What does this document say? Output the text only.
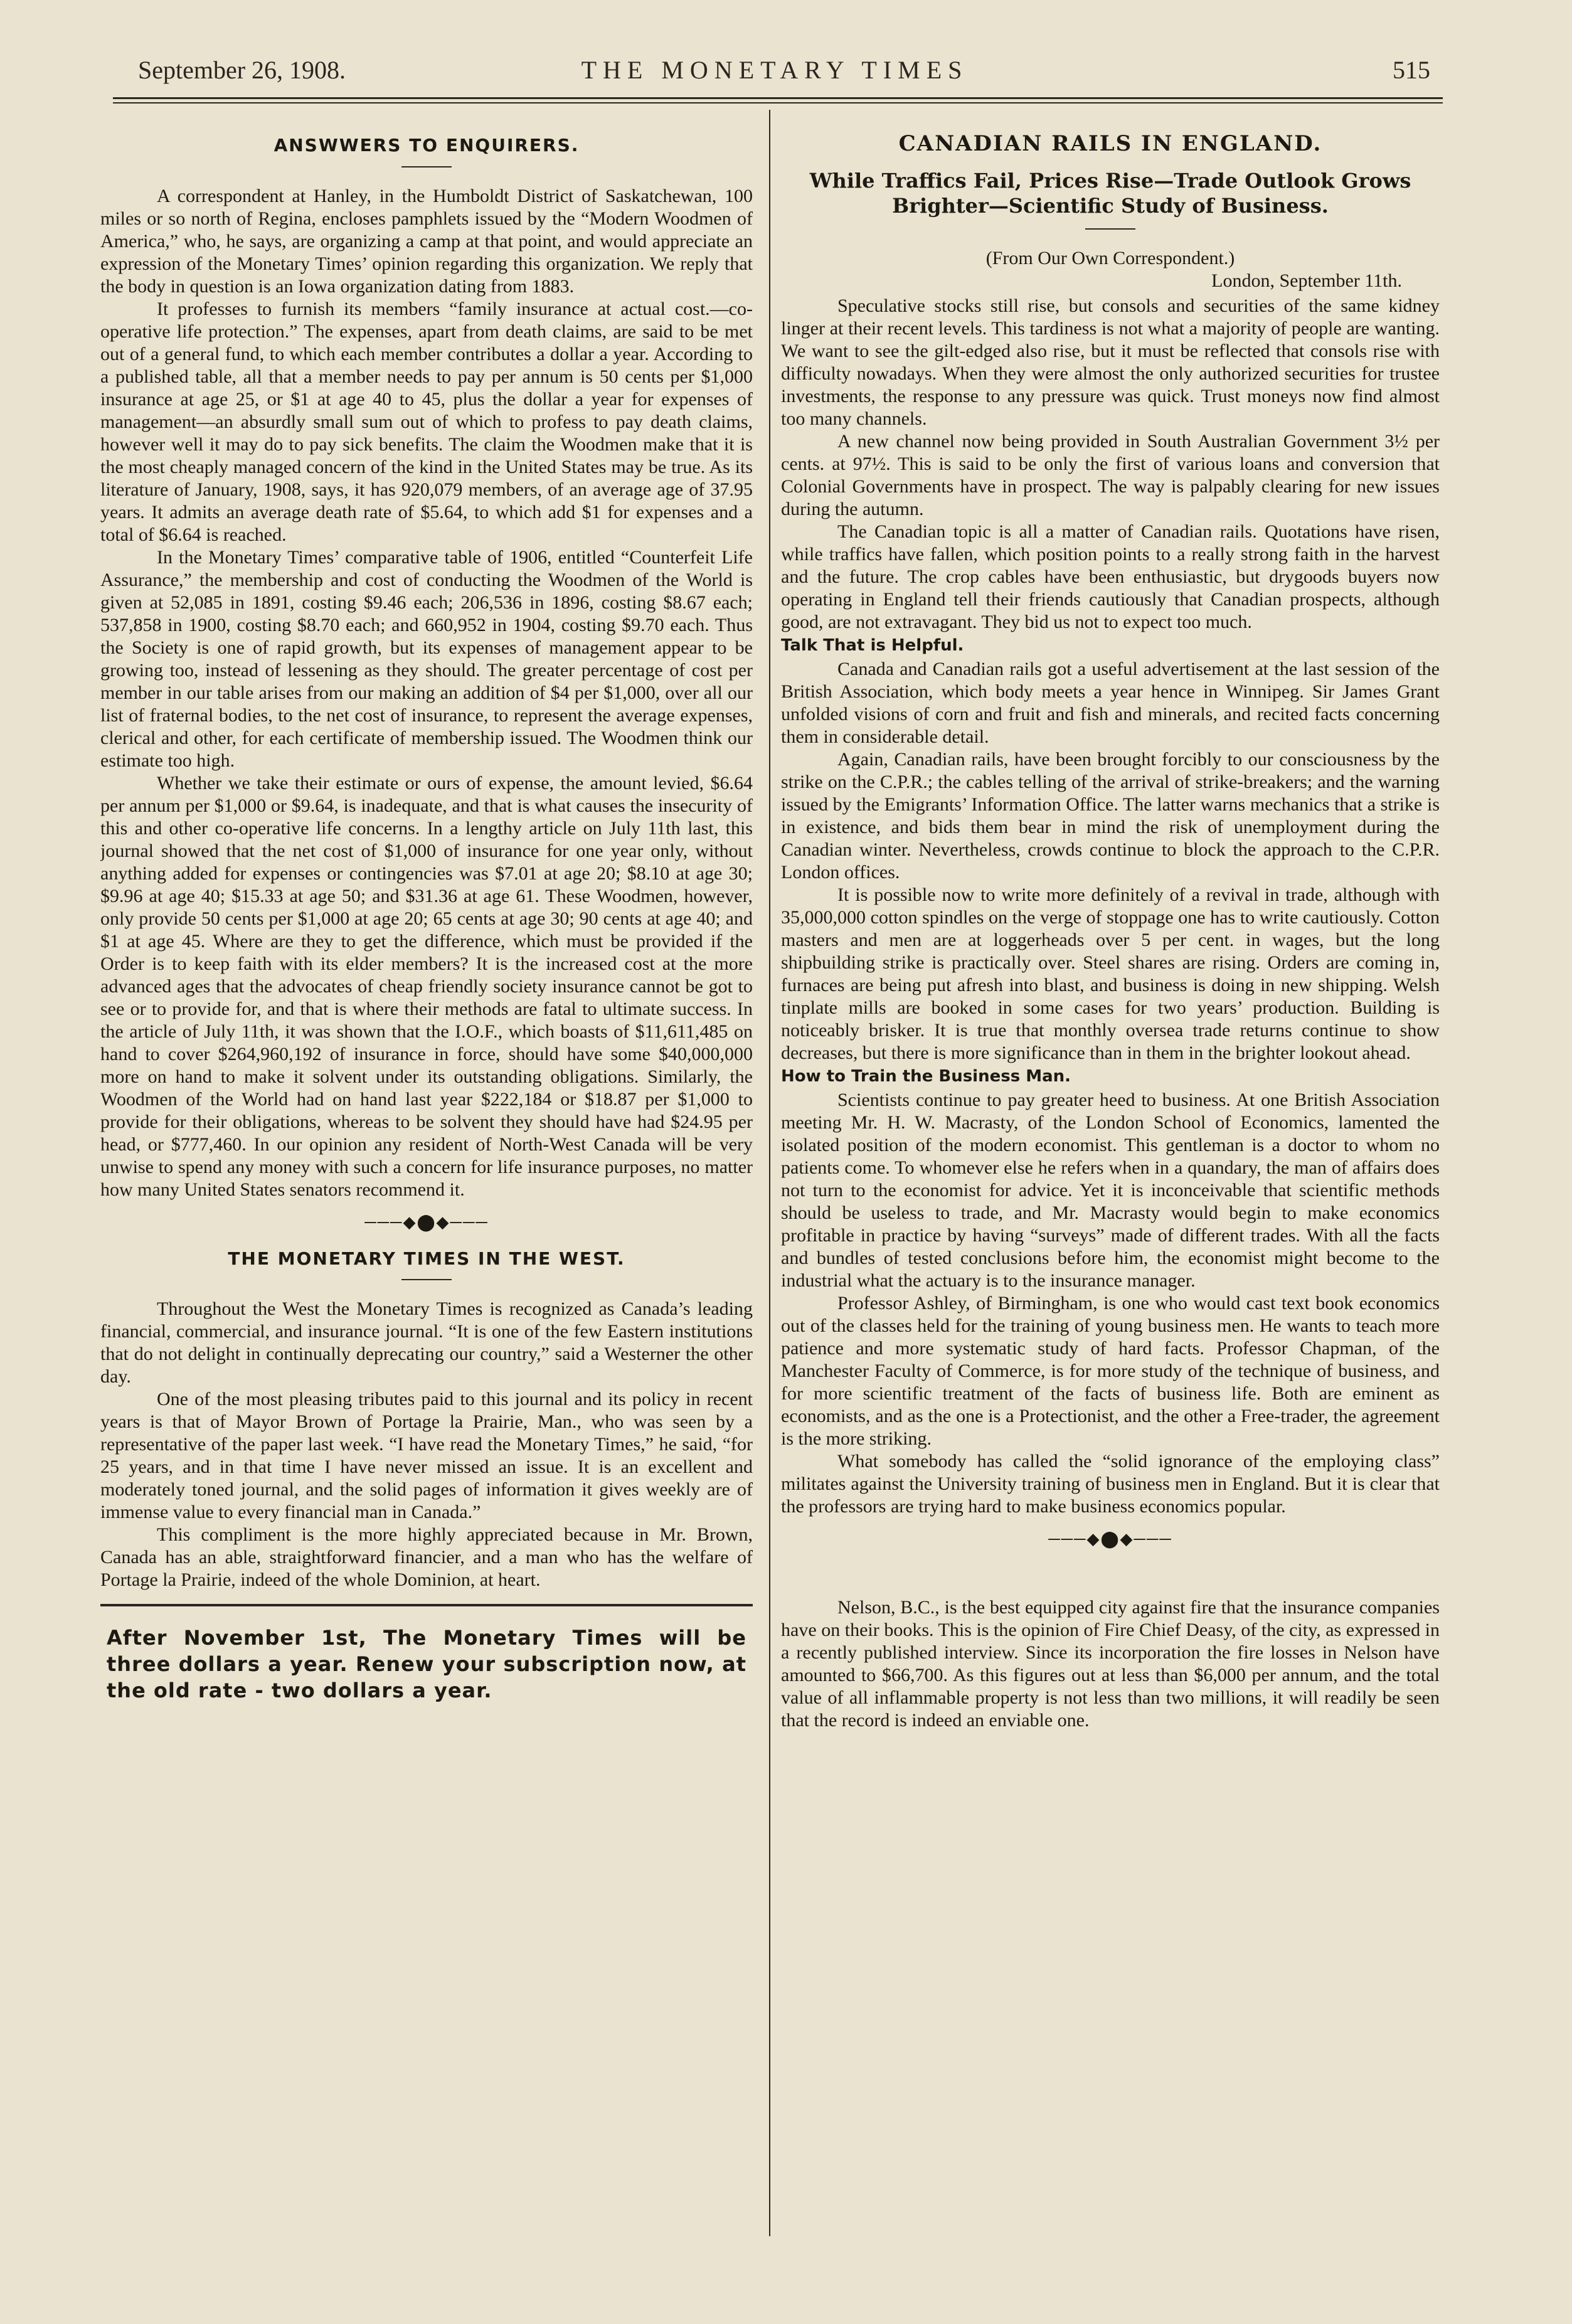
September 26, 1908.	THE MONETARY TIMES	515
ANSWWERS TO ENQUIRERS.

A correspondent at Hanley, in the Humboldt District of Saskatchewan, 100 miles or so north of Regina, encloses pamphlets issued by the “Modern Woodmen of America,” who, he says, are organizing a camp at that point, and would appreciate an expression of the Monetary Times’ opinion regarding this organization. We reply that the body in question is an Iowa organization dating from 1883.

It professes to furnish its members “family insurance at actual cost.—co-operative life protection.” The expenses, apart from death claims, are said to be met out of a general fund, to which each member contributes a dollar a year. According to a published table, all that a member needs to pay per annum is 50 cents per $1,000 insurance at age 25, or $1 at age 40 to 45, plus the dollar a year for expenses of management—an absurdly small sum out of which to profess to pay death claims, however well it may do to pay sick benefits. The claim the Woodmen make that it is the most cheaply managed concern of the kind in the United States may be true. As its literature of January, 1908, says, it has 920,079 members, of an average age of 37.95 years. It admits an average death rate of $5.64, to which add $1 for expenses and a total of $6.64 is reached.

In the Monetary Times’ comparative table of 1906, entitled “Counterfeit Life Assurance,” the membership and cost of conducting the Woodmen of the World is given at 52,085 in 1891, costing $9.46 each; 206,536 in 1896, costing $8.67 each; 537,858 in 1900, costing $8.70 each; and 660,952 in 1904, costing $9.70 each. Thus the Society is one of rapid growth, but its expenses of management appear to be growing too, instead of lessening as they should. The greater percentage of cost per member in our table arises from our making an addition of $4 per $1,000, over all our list of fraternal bodies, to the net cost of insurance, to represent the average expenses, clerical and other, for each certificate of membership issued. The Woodmen think our estimate too high.

Whether we take their estimate or ours of expense, the amount levied, $6.64 per annum per $1,000 or $9.64, is inadequate, and that is what causes the insecurity of this and other co-operative life concerns. In a lengthy article on July 11th last, this journal showed that the net cost of $1,000 of insurance for one year only, without anything added for expenses or contingencies was $7.01 at age 20; $8.10 at age 30; $9.96 at age 40; $15.33 at age 50; and $31.36 at age 61. These Woodmen, however, only provide 50 cents per $1,000 at age 20; 65 cents at age 30; 90 cents at age 40; and $1 at age 45. Where are they to get the difference, which must be provided if the Order is to keep faith with its elder members? It is the increased cost at the more advanced ages that the advocates of cheap friendly society insurance cannot be got to see or to provide for, and that is where their methods are fatal to ultimate success. In the article of July 11th, it was shown that the I.O.F., which boasts of $11,611,485 on hand to cover $264,960,192 of insurance in force, should have some $40,000,000 more on hand to make it solvent under its outstanding obligations. Similarly, the Woodmen of the World had on hand last year $222,184 or $18.87 per $1,000 to provide for their obligations, whereas to be solvent they should have had $24.95 per head, or $777,460. In our opinion any resident of North-West Canada will be very unwise to spend any money with such a concern for life insurance purposes, no matter how many United States senators recommend it.

───◆⬤◆───
THE MONETARY TIMES IN THE WEST.

Throughout the West the Monetary Times is recognized as Canada’s leading financial, commercial, and insurance journal. “It is one of the few Eastern institutions that do not delight in continually deprecating our country,” said a Westerner the other day.

One of the most pleasing tributes paid to this journal and its policy in recent years is that of Mayor Brown of Portage la Prairie, Man., who was seen by a representative of the paper last week. “I have read the Monetary Times,” he said, “for 25 years, and in that time I have never missed an issue. It is an excellent and moderately toned journal, and the solid pages of information it gives weekly are of immense value to every financial man in Canada.”

This compliment is the more highly appreciated because in Mr. Brown, Canada has an able, straightforward financier, and a man who has the welfare of Portage la Prairie, indeed of the whole Dominion, at heart.

After November 1st, The Monetary Times will be three dollars a year. Renew your subscription now, at the old rate - two dollars a year.
CANADIAN RAILS IN ENGLAND.
While Traffics Fail, Prices Rise—Trade Outlook Grows Brighter—Scientific Study of Business.
(From Our Own Correspondent.)
London, September 11th.

Speculative stocks still rise, but consols and securities of the same kidney linger at their recent levels. This tardiness is not what a majority of people are wanting. We want to see the gilt-edged also rise, but it must be reflected that consols rise with difficulty nowadays. When they were almost the only authorized securities for trustee investments, the response to any pressure was quick. Trust moneys now find almost too many channels.

A new channel now being provided in South Australian Government 3½ per cents. at 97½. This is said to be only the first of various loans and conversion that Colonial Governments have in prospect. The way is palpably clearing for new issues during the autumn.

The Canadian topic is all a matter of Canadian rails. Quotations have risen, while traffics have fallen, which position points to a really strong faith in the harvest and the future. The crop cables have been enthusiastic, but drygoods buyers now operating in England tell their friends cautiously that Canadian prospects, although good, are not extravagant. They bid us not to expect too much.

Talk That is Helpful.

Canada and Canadian rails got a useful advertisement at the last session of the British Association, which body meets a year hence in Winnipeg. Sir James Grant unfolded visions of corn and fruit and fish and minerals, and recited facts concerning them in considerable detail.

Again, Canadian rails, have been brought forcibly to our consciousness by the strike on the C.P.R.; the cables telling of the arrival of strike-breakers; and the warning issued by the Emigrants’ Information Office. The latter warns mechanics that a strike is in existence, and bids them bear in mind the risk of unemployment during the Canadian winter. Nevertheless, crowds continue to block the approach to the C.P.R. London offices.

It is possible now to write more definitely of a revival in trade, although with 35,000,000 cotton spindles on the verge of stoppage one has to write cautiously. Cotton masters and men are at loggerheads over 5 per cent. in wages, but the long shipbuilding strike is practically over. Steel shares are rising. Orders are coming in, furnaces are being put afresh into blast, and business is doing in new shipping. Welsh tinplate mills are booked in some cases for two years’ production. Building is noticeably brisker. It is true that monthly oversea trade returns continue to show decreases, but there is more significance than in them in the brighter lookout ahead.

How to Train the Business Man.

Scientists continue to pay greater heed to business. At one British Association meeting Mr. H. W. Macrasty, of the London School of Economics, lamented the isolated position of the modern economist. This gentleman is a doctor to whom no patients come. To whomever else he refers when in a quandary, the man of affairs does not turn to the economist for advice. Yet it is inconceivable that scientific methods should be useless to trade, and Mr. Macrasty would begin to make economics profitable in practice by having “surveys” made of different trades. With all the facts and bundles of tested conclusions before him, the economist might become to the industrial what the actuary is to the insurance manager.

Professor Ashley, of Birmingham, is one who would cast text book economics out of the classes held for the training of young business men. He wants to teach more patience and more systematic study of hard facts. Professor Chapman, of the Manchester Faculty of Commerce, is for more study of the technique of business, and for more scientific treatment of the facts of business life. Both are eminent as economists, and as the one is a Protectionist, and the other a Free-trader, the agreement is the more striking.

What somebody has called the “solid ignorance of the employing class” militates against the University training of business men in England. But it is clear that the professors are trying hard to make business economics popular.

───◆⬤◆───

Nelson, B.C., is the best equipped city against fire that the insurance companies have on their books. This is the opinion of Fire Chief Deasy, of the city, as expressed in a recently published interview. Since its incorporation the fire losses in Nelson have amounted to $66,700. As this figures out at less than $6,000 per annum, and the total value of all inflammable property is not less than two millions, it will readily be seen that the record is indeed an enviable one.
